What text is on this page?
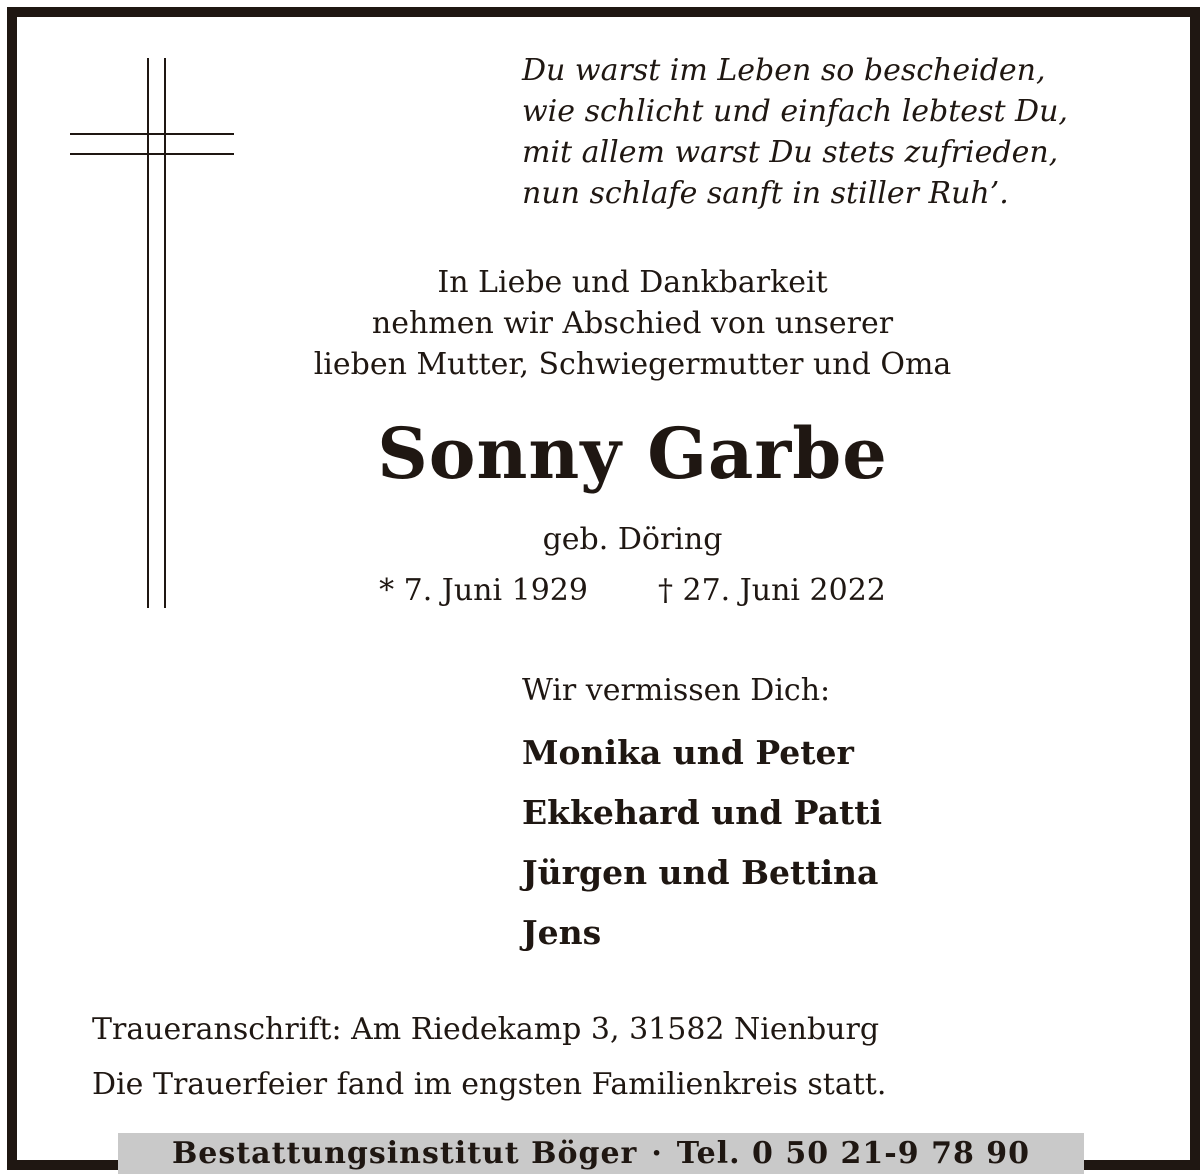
Du warst im Leben so bescheiden,
wie schlicht und einfach lebtest Du,
mit allem warst Du stets zufrieden,
nun schlafe sanft in stiller Ruh’.
In Liebe und Dankbarkeit
nehmen wir Abschied von unserer
lieben Mutter, Schwiegermutter und Oma
Sonny Garbe
geb. Döring
* 7. Juni 1929 † 27. Juni 2022
Wir vermissen Dich:
Monika und Peter
Ekkehard und Patti
Jürgen und Bettina
Jens
Traueranschrift: Am Riedekamp 3, 31582 Nienburg
Die Trauerfeier fand im engsten Familienkreis statt.
Bestattungsinstitut Böger · Tel. 0 50 21-9 78 90
